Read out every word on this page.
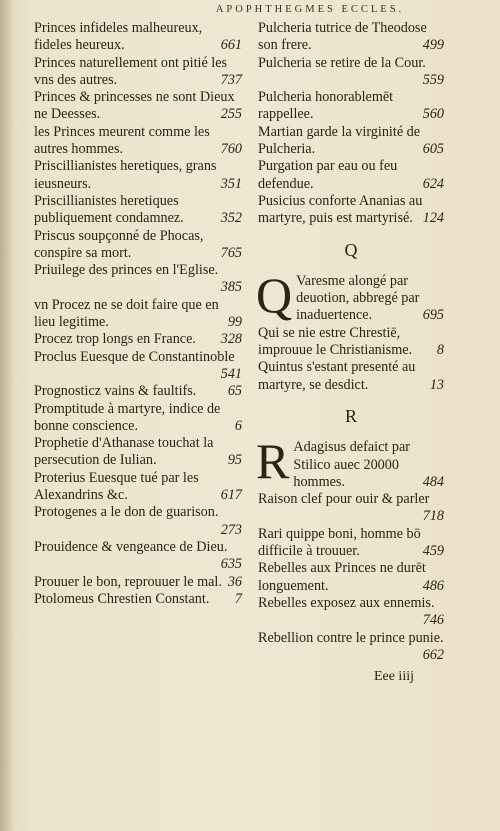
APOPHTHEGMES ECCLES.
Princes infideles malheureux, fideles heureux.	661
Princes naturellement ont pitié les vns des autres.	737
Princes & princesses ne sont Dieux ne Deesses.	255
les Princes meurent comme les autres hommes.	760
Priscillianistes heretiques, grans ieusneurs.	351
Priscillianistes heretiques publiquement condamnez.	352
Priscus soupçonné de Phocas, conspire sa mort.	765
Priuilege des princes en l'Eglise.
385
vn Procez ne se doit faire que en lieu legitime.	99
Procez trop longs en France. 328
Proclus Euesque de Constantinoble
541
Prognosticz vains & faultifs. 65
Promptitude à martyre, indice de bonne conscience.	6
Prophetie d'Athanase touchat la persecution de Iulian.	95
Proterius Euesque tué par les Alexandrins &c.	617
Protogenes a le don de guarison.
273
Prouidence & vengeance de Dieu.
635
Prouuer le bon, reprouuer le mal. 36
Ptolomeus Chrestien Constant. 7
Pulcheria tutrice de Theodose son frere.	499
Pulcheria se retire de la Cour.
559
Pulcheria honorablemēt rappellee.	560
Martian garde la virginité de Pulcheria.	605
Purgation par eau ou feu defendue.	624
Pusicius conforte Ananias au martyre, puis est martyrisé. 124
Q
Q Varesme alongé par deuotion, abbregé par inaduertence.	695
Qui se nie estre Chrestiē, improuue le Christianisme. 8
Quintus s'estant presenté au martyre, se desdict.	13
R
R Adagisus defaict par Stilico auec 20000 hommes.	484
Raison clef pour ouir & parler
718
Rari quippe boni, homme bō difficile à trouuer.	459
Rebelles aux Princes ne durēt longuement.	486
Rebelles exposez aux ennemis.
746
Rebellion contre le prince punie.
662
Eee iiij
